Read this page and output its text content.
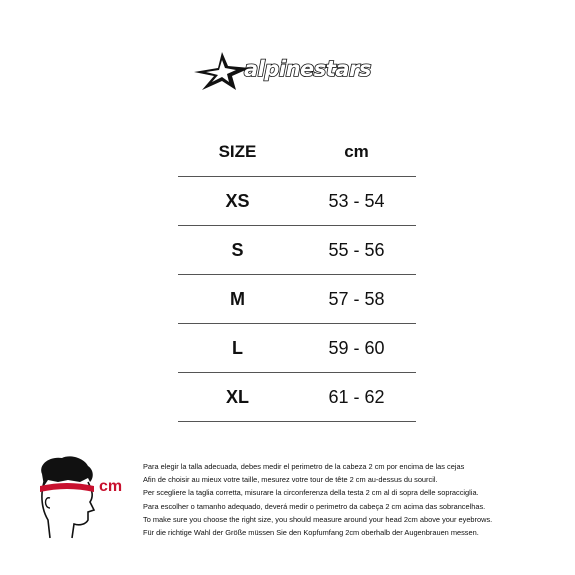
alpinestars
SIZE	cm
XS	53 - 54
S	55 - 56
M	57 - 58
L	59 - 60
XL	61 - 62
cm
Para elegir la talla adecuada, debes medir el perimetro de la cabeza 2 cm por encima de las cejas
Afin de choisir au mieux votre taille, mesurez votre tour de tête 2 cm au-dessus du sourcil.
Per scegliere la taglia corretta, misurare la circonferenza della testa 2 cm al di sopra delle sopracciglia.
Para escolher o tamanho adequado, deverá medir o perimetro da cabeça 2 cm acima das sobrancelhas.
To make sure you choose the right size, you should measure around your head 2cm above your eyebrows.
Für die richtige Wahl der Größe müssen Sie den Kopfumfang 2cm oberhalb der Augenbrauen messen.
